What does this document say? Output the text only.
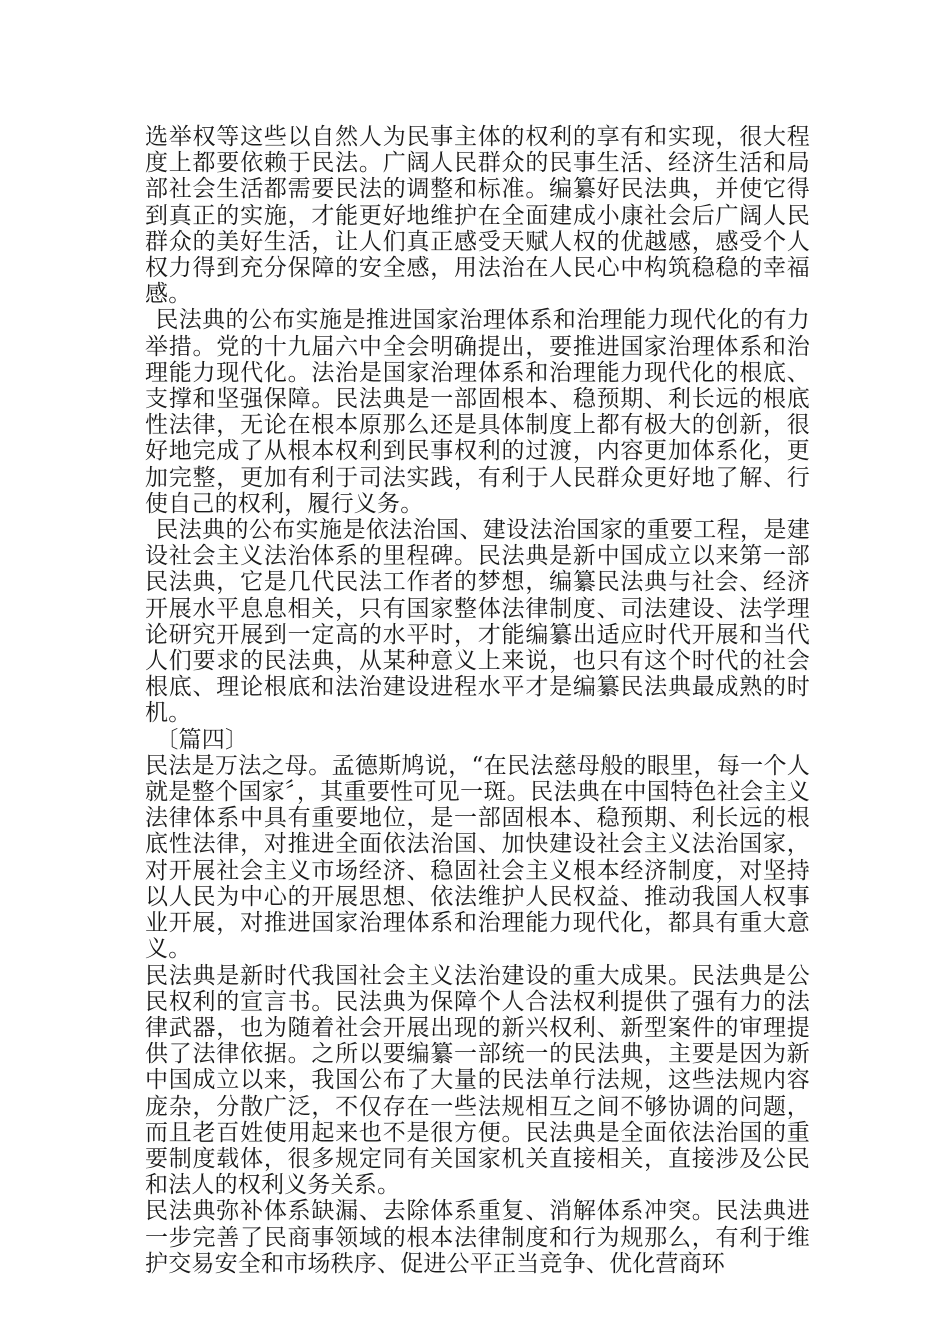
选举权等这些以自然人为民事主体的权利的享有和实现，很大程度上都要依赖于民法。广阔人民群众的民事生活、经济生活和局部社会生活都需要民法的调整和标准。编纂好民法典，并使它得到真正的实施，才能更好地维护在全面建成小康社会后广阔人民群众的美好生活，让人们真正感受天赋人权的优越感，感受个人权力得到充分保障的安全感，用法治在人民心中构筑稳稳的幸福感。

民法典的公布实施是推进国家治理体系和治理能力现代化的有力举措。党的十九届六中全会明确提出，要推进国家治理体系和治理能力现代化。法治是国家治理体系和治理能力现代化的根底、支撑和坚强保障。民法典是一部固根本、稳预期、利长远的根底性法律，无论在根本原那么还是具体制度上都有极大的创新，很好地完成了从根本权利到民事权利的过渡，内容更加体系化，更加完整，更加有利于司法实践，有利于人民群众更好地了解、行使自己的权利，履行义务。

民法典的公布实施是依法治国、建设法治国家的重要工程，是建设社会主义法治体系的里程碑。民法典是新中国成立以来第一部民法典，它是几代民法工作者的梦想，编纂民法典与社会、经济开展水平息息相关，只有国家整体法律制度、司法建设、法学理论研究开展到一定高的水平时，才能编纂出适应时代开展和当代人们要求的民法典，从某种意义上来说，也只有这个时代的社会根底、理论根底和法治建设进程水平才是编纂民法典最成熟的时机。

〔篇四〕

民法是万法之母。孟德斯鸠说，“在民法慈母般的眼里，每一个人就是整个国家〞，其重要性可见一斑。民法典在中国特色社会主义法律体系中具有重要地位，是一部固根本、稳预期、利长远的根底性法律，对推进全面依法治国、加快建设社会主义法治国家，对开展社会主义市场经济、稳固社会主义根本经济制度，对坚持以人民为中心的开展思想、依法维护人民权益、推动我国人权事业开展，对推进国家治理体系和治理能力现代化，都具有重大意义。

民法典是新时代我国社会主义法治建设的重大成果。民法典是公民权利的宣言书。民法典为保障个人合法权利提供了强有力的法律武器，也为随着社会开展出现的新兴权利、新型案件的审理提供了法律依据。之所以要编纂一部统一的民法典，主要是因为新中国成立以来，我国公布了大量的民法单行法规，这些法规内容庞杂，分散广泛，不仅存在一些法规相互之间不够协调的问题，而且老百姓使用起来也不是很方便。民法典是全面依法治国的重要制度载体，很多规定同有关国家机关直接相关，直接涉及公民和法人的权利义务关系。

民法典弥补体系缺漏、去除体系重复、消解体系冲突。民法典进一步完善了民商事领域的根本法律制度和行为规那么，有利于维护交易安全和市场秩序、促进公平正当竞争、优化营商环
